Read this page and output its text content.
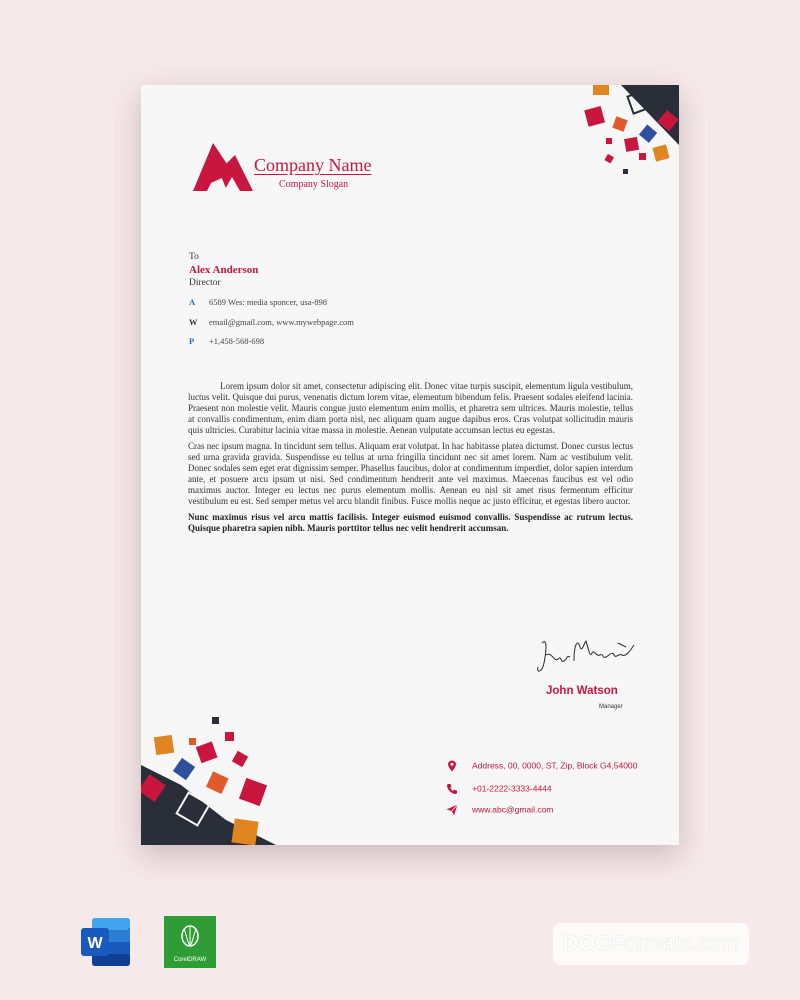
Company Name
Company Slogan
To
Alex Anderson
Director
A 6589 Wes: media sponcer, usa-898
W email@gmail.com, www.mywebpage.com
P +1,458-568-698

Lorem ipsum dolor sit amet, consectetur adipiscing elit. Donec vitae turpis suscipit, elementum ligula vestibulum, luctus velit. Quisque dui purus, venenatis dictum lorem vitae, elementum bibendum felis. Praesent sodales eleifend lacinia. Praesent non molestie velit. Mauris congue justo elementum enim mollis, et pharetra sem ultrices. Mauris molestie, tellus at convallis condimentum, enim diam porta nisl, nec aliquam quam augue dapibus eros. Cras volutpat sollicitudin mauris quis ultricies. Curabitur lacinia vitae massa in molestie. Aenean vulputate accumsan lectus eu egestas.

Cras nec ipsum magna. In tincidunt sem tellus. Aliquam erat volutpat. In hac habitasse platea dictumst. Donec cursus lectus sed urna gravida gravida. Suspendisse eu tellus at urna fringilla tincidunt nec sit amet lorem. Nam ac vestibulum velit. Donec sodales sem eget erat dignissim semper. Phasellus faucibus, dolor at condimentum imperdiet, dolor sapien interdum ante, et posuere arcu ipsum ut nisi. Sed condimentum hendrerit ante vel maximus. Maecenas faucibus est vel odio maximus auctor. Integer eu lectus nec purus elementum mollis. Aenean eu nisl sit amet risus fermentum efficitur vestibulum eu est. Sed semper metus vel arcu blandit finibus. Fusce mollis neque ac justo efficitur, et egestas libero auctor.

Nunc maximus risus vel arcu mattis facilisis. Integer euismod euismod convallis. Suspendisse ac rutrum lectus. Quisque pharetra sapien nibh. Mauris porttitor tellus nec velit hendrerit accumsan.

John Watson
Manager
Address, 00, 0000, ST, Zip, Block G4,54000
+01-2222-3333-4444
www.abc@gmail.com
W
CorelDRAW
DOCFormats.com
